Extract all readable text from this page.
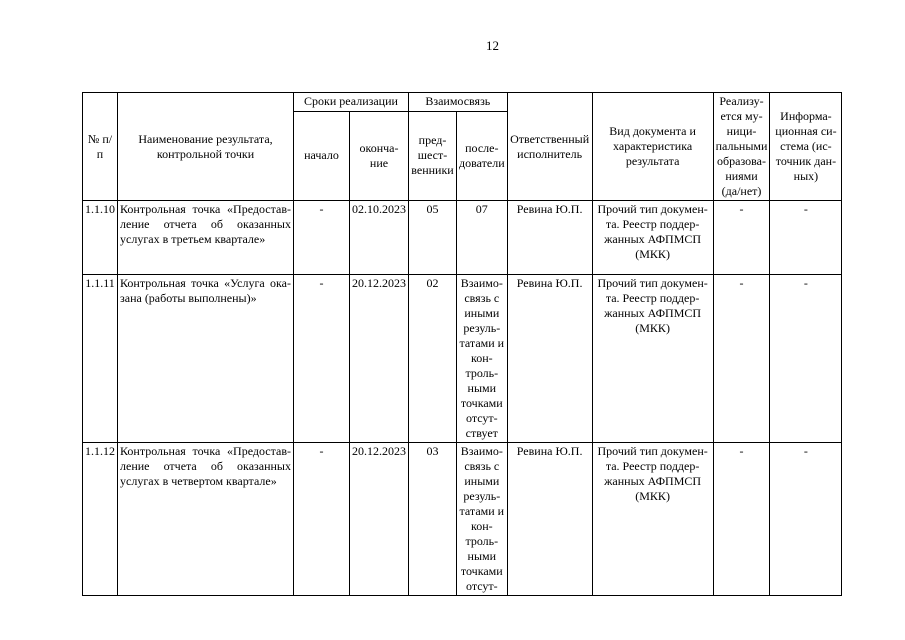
12
№ п/п	Наименование результата, контрольной точки	Сроки реализации		Взаимосвязь		Ответственный исполнитель	Вид документа и характеристика результата	Реализу-ется му-ници-пальными образова-ниями (да/нет)	Информа-ционная си-стема (ис-точник дан-ных)
		начало	оконча-ние	пред-шест-венники	после-дователи				
1.1.10	Контрольная точка «Предостав-ление отчета об оказанных услугах в третьем квартале»	-	02.10.2023	05	07	Ревина Ю.П.	Прочий тип докумен-та. Реестр поддер-жанных АФПМСП (МКК)	-	-
1.1.11	Контрольная точка «Услуга ока-зана (работы выполнены)»	-	20.12.2023	02	Взаимо-связь с иными резуль-татами и кон-троль-ными точками отсут-ствует	Ревина Ю.П.	Прочий тип докумен-та. Реестр поддер-жанных АФПМСП (МКК)	-	-
1.1.12	Контрольная точка «Предостав-ление отчета об оказанных услугах в четвертом квартале»	-	20.12.2023	03	Взаимо-связь с иными резуль-татами и кон-троль-ными точками отсут-	Ревина Ю.П.	Прочий тип докумен-та. Реестр поддер-жанных АФПМСП (МКК)	-	-
